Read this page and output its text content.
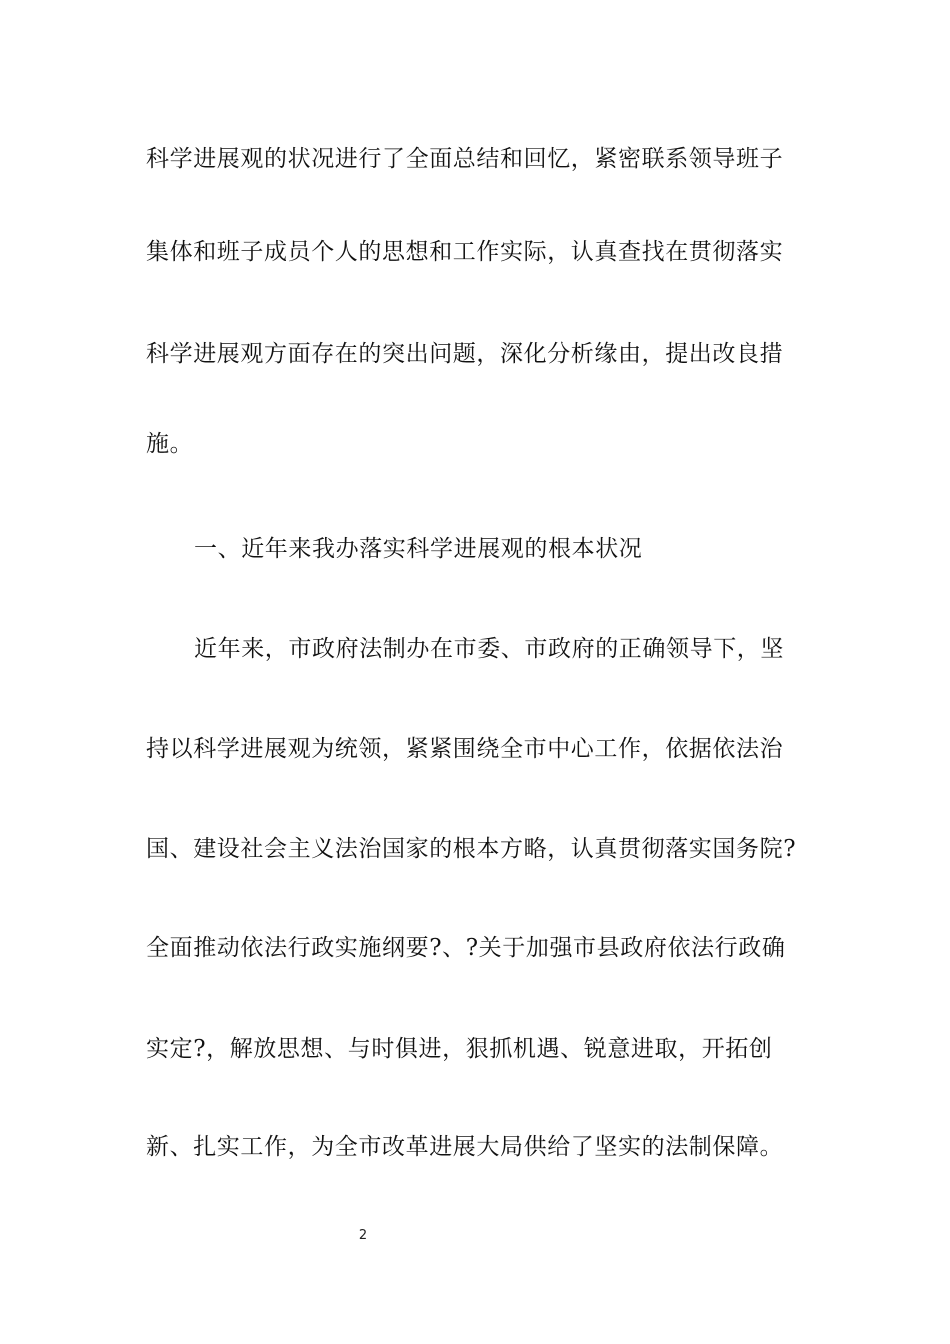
科学进展观的状况进行了全面总结和回忆，紧密联系领导班子
集体和班子成员个人的思想和工作实际，认真查找在贯彻落实
科学进展观方面存在的突出问题，深化分析缘由，提出改良措
施。
一、近年来我办落实科学进展观的根本状况
近年来，市政府法制办在市委、市政府的正确领导下，坚
持以科学进展观为统领，紧紧围绕全市中心工作，依据依法治
国、建设社会主义法治国家的根本方略，认真贯彻落实国务院?
全面推动依法行政实施纲要?、?关于加强市县政府依法行政确
实定?，解放思想、与时俱进，狠抓机遇、锐意进取，开拓创
新、扎实工作，为全市改革进展大局供给了坚实的法制保障。
2
